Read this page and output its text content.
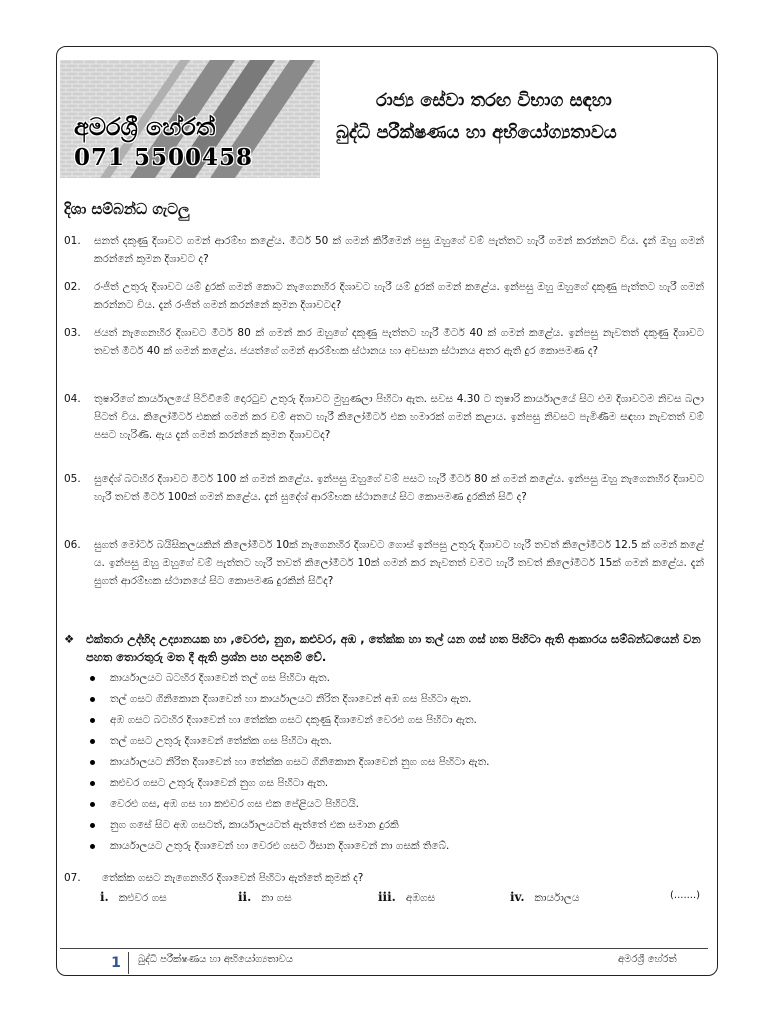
අමරශ්‍රී හේරත්
071 5500458
රාජ්‍ය සේවා තරඟ විභාග සඳහා
බුද්ධි පරීක්ෂණය හා අභියෝග්‍යතාවය
දිශා සම්බන්ධ ගැටලු
01.	සනත් දකුණු දිශාවට ගමන් ආරම්භ කළේය. මීටර් 50 ක් ගමන් කිරීමෙන් පසු ඔහුගේ වම් පැත්තට හැරී ගමන් කරන්නට විය. දැන් ඔහු ගමන් කරන්නේ කුමන දිශාවට ද?
02.	රංජිත් උතුරු දිශාවට යම් දුරක් ගමන් කොට නැගෙනහිර දිශාවට හැරී යම් දුරක් ගමන් කළේය. ඉන්පසු ඔහු ඔහුගේ දකුණු පැත්තට හැරී ගමන් කරන්නට විය. දැන් රංජිත් ගමන් කරන්නේ කුමන දිශාවටද?
03.	ජයත් නැගෙනහිර දිශාවට මීටර් 80 ක් ගමන් කර ඔහුගේ දකුණු පැත්තට හැරී මීටර් 40 ක් ගමන් කළේය. ඉන්පසු නැවතත් දකුණු දිශාවට තවත් මීටර් 40 ක් ගමන් කළේය. ජයත්ගේ ගමන් ආරම්භක ස්ථානය හා අවසාන ස්ථානය අතර ඇති දුර කොපමණ ද?
04.	තුෂාරිගේ කාර්යාලයේ පිටිවීමේ දොරටුව උතුරු දිශාවට මුහුණලා පිහිටා ඇත. සවස 4.30 ට තුෂාරි කාර්යාලයේ සිට එම දිශාවටම නිවස බලා පිටත් විය. කිලෝමීටර් එකක් ගමන් කර වම් අතට හැරී කිලෝමීටර් එක හමාරක් ගමන් කළාය. ඉන්පසු නිවසට පැමිණීම සඳහා නැවතත් වම් පසට හැරිණි. ඇය දැන් ගමන් කරන්නේ කුමන දිශාවටද?
05.	සුදේශ් බටහිර දිශාවට මීටර් 100 ක් ගමන් කළේය. ඉන්පසු ඔහුගේ වම් පසට හැරී මීටර් 80 ක් ගමන් කළේය. ඉන්පසු ඔහු නැගෙනහිර දිශාවට හැරී තවත් මීටර් 100ක් ගමන් කළේය. දැන් සුදේශ් ආරම්භක ස්ථානයේ සිට කොපමණ දුරකින් සිටී ද?
06.	සුගත් මෝටර් බයිසිකලයකින් කිලෝමීටර් 10ක් නැගෙනහිර දිශාවට ගොස් ඉන්පසු උතුරු දිශාවට හැරී තවත් කිලෝමීටර් 12.5 ක් ගමන් කළේ ය. ඉන්පසු ඔහු ඔහුගේ වම් පැත්තට හැරී තවත් කිලෝමීටර් 10ක් ගමන් කර නැවතත් වමට හැරී තවත් කිලෝමීටර් 15ක් ගමන් කළේය. දැන් සුගත් ආරම්භක ස්ථානයේ සිට කොපමණ දුරකින් සිටීද?
❖ එක්තරා උද්භිද උද්‍යානයක හා ,වෙරළු, නුග, කළුවර, අඹ , තේක්ක හා තල් යන ගස් හත පිහිටා ඇති ආකාරය සම්බන්ධයෙන් වන පහත තොරතුරු මත දී ඇති ප්‍රශ්න පහ පදනම් වේ.
කාර්යාලයට බටහිර දිශාවෙන් තල් ගස පිහිටා ඇත.
තල් ගසට ගිනිකොන දිශාවෙන් හා කාර්යාලයට නිරිත දිශාවෙන් අඹ ගස පිහිටා ඇත.
අඹ ගසට බටහිර දිශාවෙන් හා තේක්ක ගසට දකුණු දිශාවෙන් වෙරළු ගස පිහිටා ඇත.
තල් ගසට උතුරු දිශාවෙන් තේක්ක ගස පිහිටා ඇත.
කාර්යාලයට නිරිත දිශාවෙන් හා තේක්ක ගසට ගිනිකොන දිශාවෙන් නුග ගස පිහිටා ඇත.
කළුවර ගසට උතුරු දිශාවෙන් නුග ගස පිහිටා ඇත.
වෙරළු ගස, අඹ ගස හා කළුවර ගස එක පේළියට පිහිටයි.
නුග ගසේ සිට අඹ ගසටත්, කාර්යාලයටත් ඇත්තේ එක සමාන දුරකි
කාර්යාලයට උතුරු දිශාවෙන් හා වෙරළු ගසට ඊසාන දිශාවෙන් නා ගසක් තිබේ.
07. තේක්ක ගසට නැගෙනහිර දිශාවෙන් පිහිටා ඇත්තේ කුමක් ද?
i. කළුවර ගස	ii. නා ගස	iii. අඹගස	iv. කාර්යාලය	(.......)
1	බුද්ධි පරීක්ෂණය හා අභියෝග්‍යතාවය	අමරශ්‍රී හේරත්
